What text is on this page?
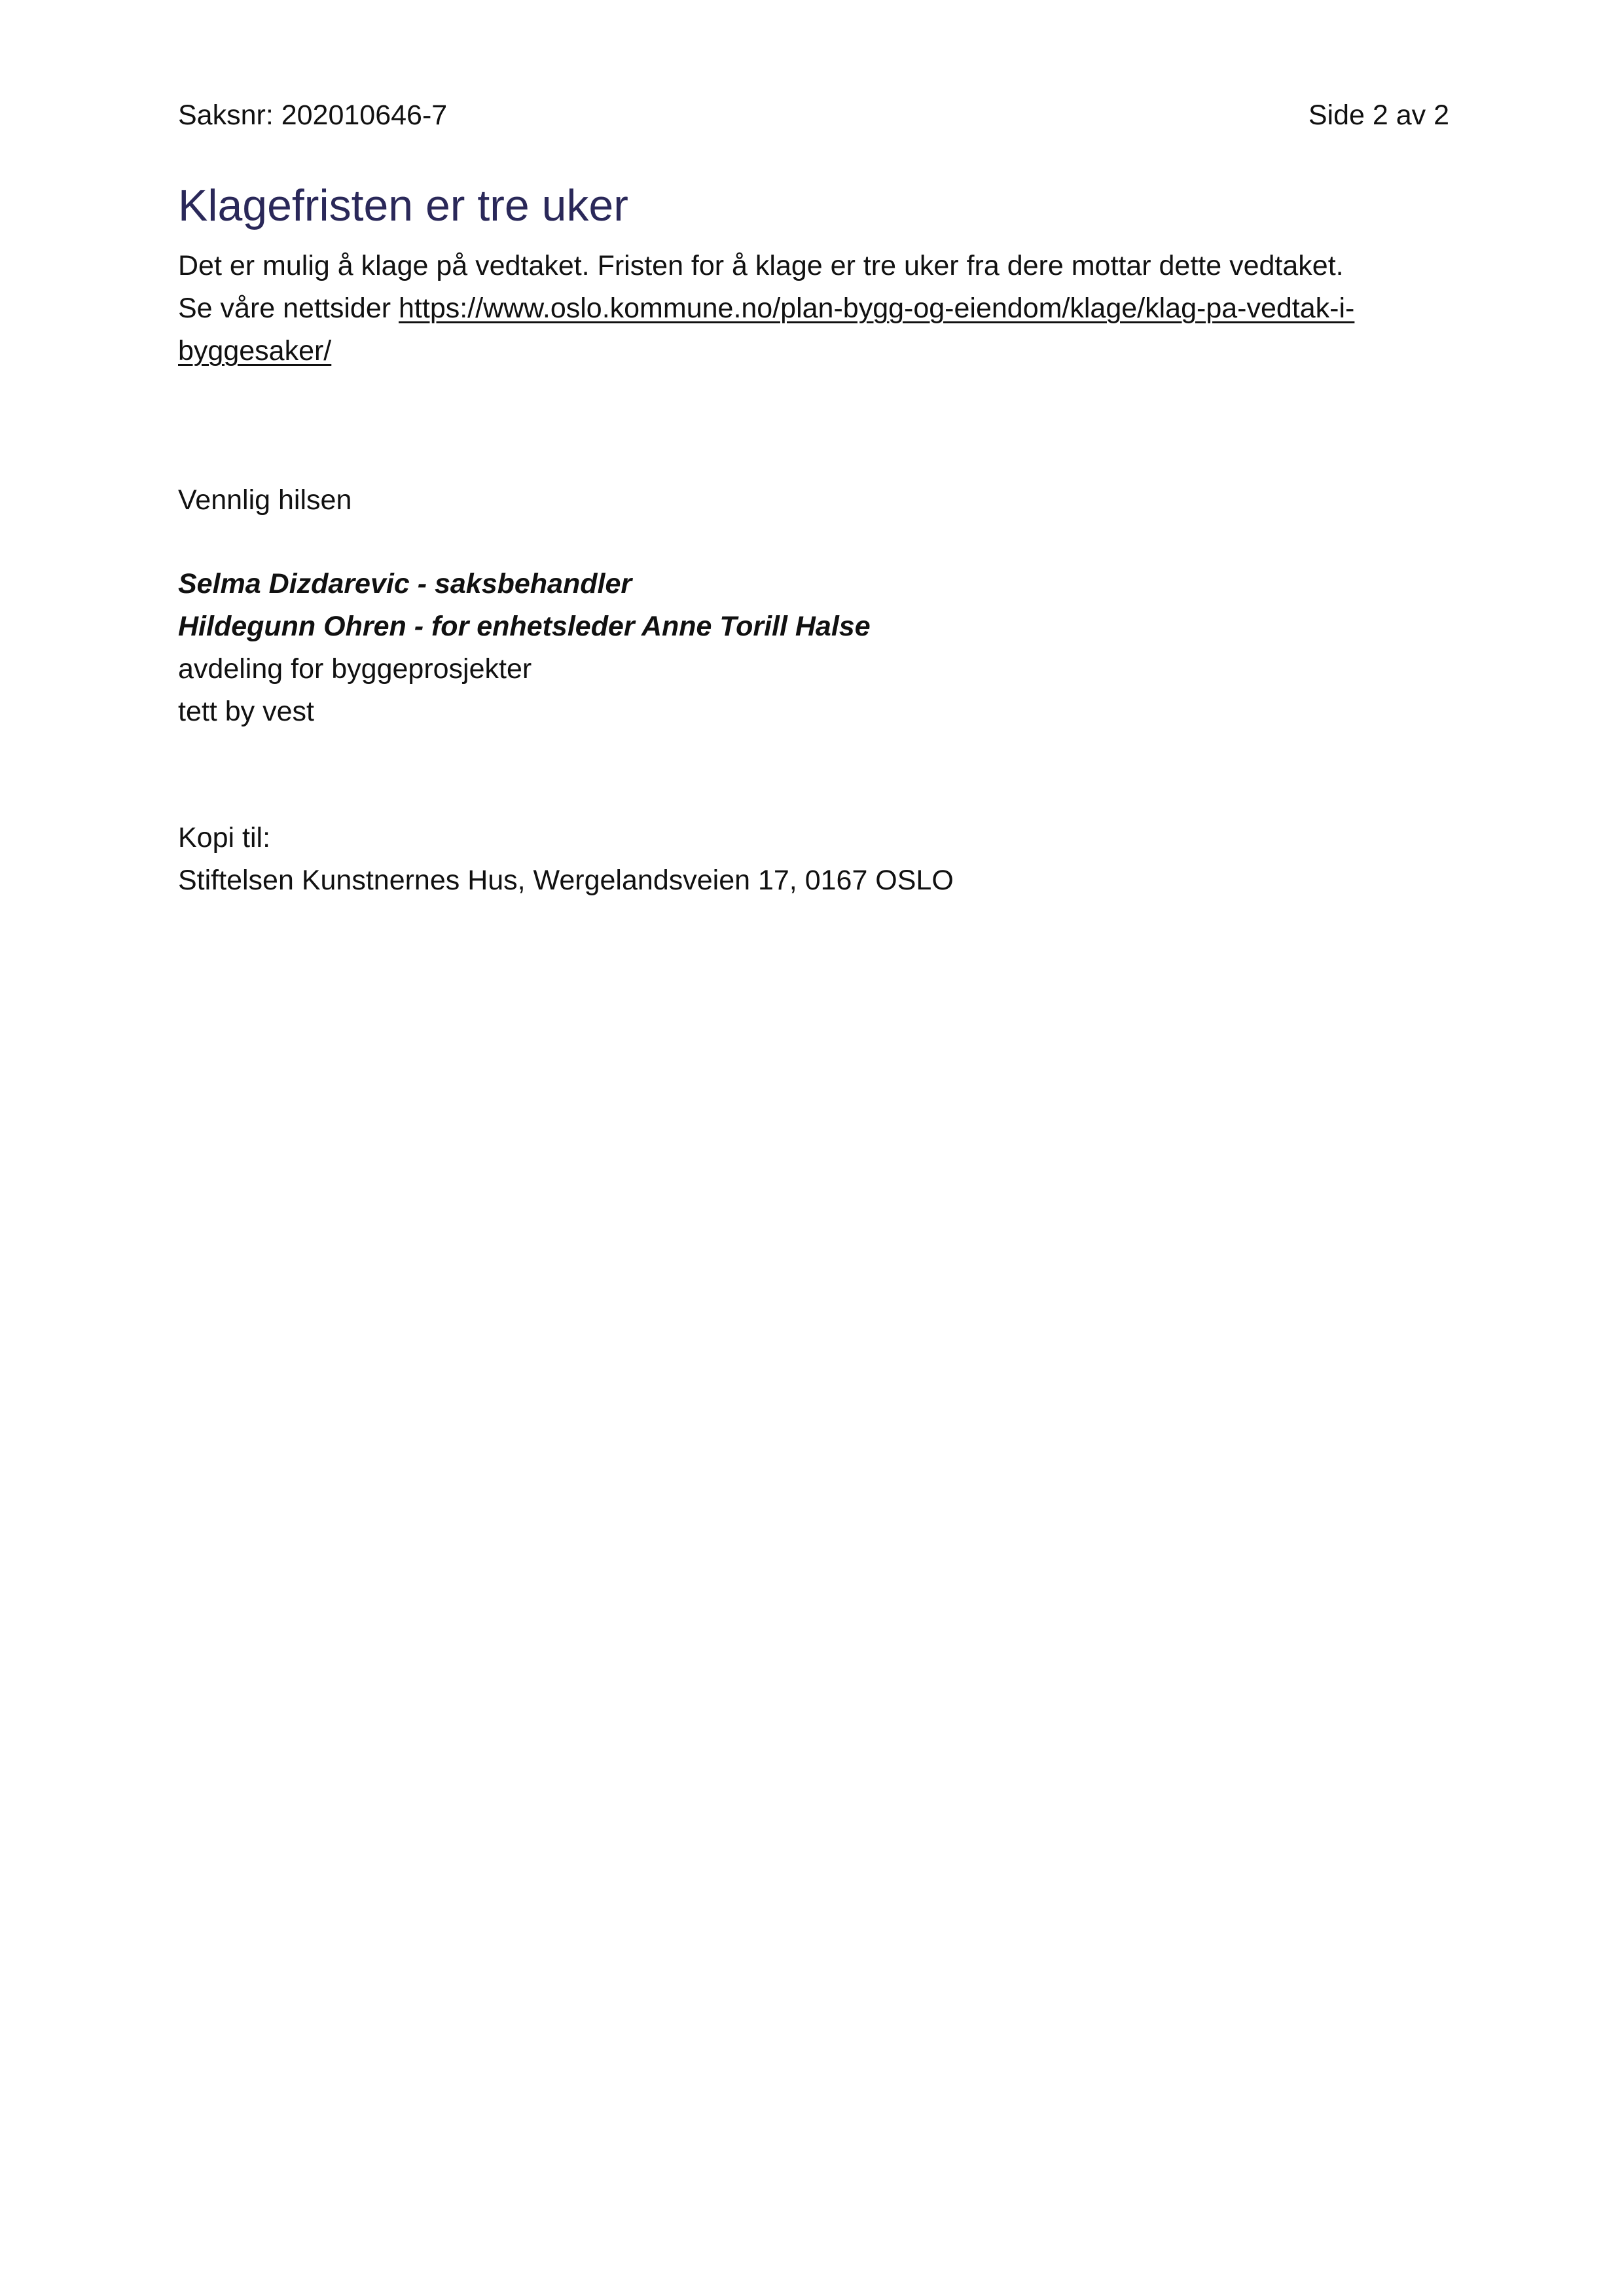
Saksnr: 202010646-7	Side 2 av 2
Klagefristen er tre uker

Det er mulig å klage på vedtaket. Fristen for å klage er tre uker fra dere mottar dette vedtaket.

Se våre nettsider https://www.oslo.kommune.no/plan-bygg-og-eiendom/klage/klag-pa-vedtak-i-
byggesaker/

Vennlig hilsen
Selma Dizdarevic - saksbehandler
Hildegunn Ohren - for enhetsleder Anne Torill Halse
avdeling for byggeprosjekter
tett by vest
Kopi til:
Stiftelsen Kunstnernes Hus, Wergelandsveien 17, 0167 OSLO
